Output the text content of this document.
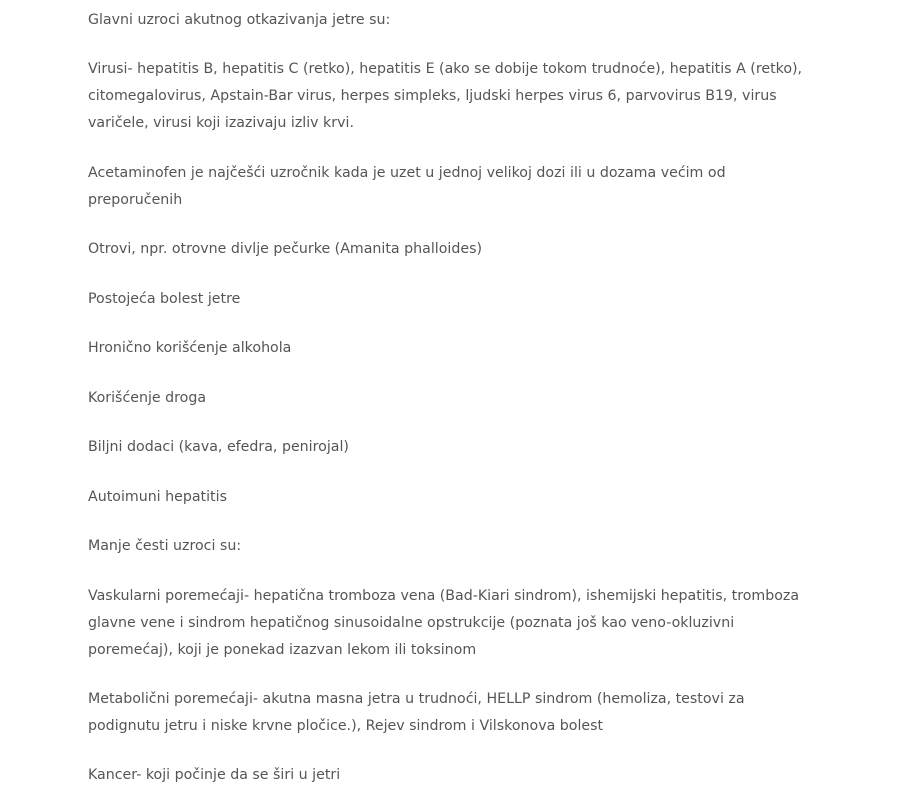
Glavni uzroci akutnog otkazivanja jetre su:

Virusi- hepatitis B, hepatitis C (retko), hepatitis E (ako se dobije tokom trudnoće), hepatitis A (retko),
citomegalovirus, Apstain-Bar virus, herpes simpleks, ljudski herpes virus 6, parvovirus B19, virus
varičele, virusi koji izazivaju izliv krvi.

Acetaminofen je najčešći uzročnik kada je uzet u jednoj velikoj dozi ili u dozama većim od
preporučenih

Otrovi, npr. otrovne divlje pečurke (Amanita phalloides)

Postojeća bolest jetre

Hronično korišćenje alkohola

Korišćenje droga

Biljni dodaci (kava, efedra, penirojal)

Autoimuni hepatitis

Manje česti uzroci su:

Vaskularni poremećaji- hepatična tromboza vena (Bad-Kiari sindrom), ishemijski hepatitis, tromboza
glavne vene i sindrom hepatičnog sinusoidalne opstrukcije (poznata još kao veno-okluzivni
poremećaj), koji je ponekad izazvan lekom ili toksinom

Metabolični poremećaji- akutna masna jetra u trudnoći, HELLP sindrom (hemoliza, testovi za
podignutu jetru i niske krvne pločice.), Rejev sindrom i Vilskonova bolest

Kancer- koji počinje da se širi u jetri
